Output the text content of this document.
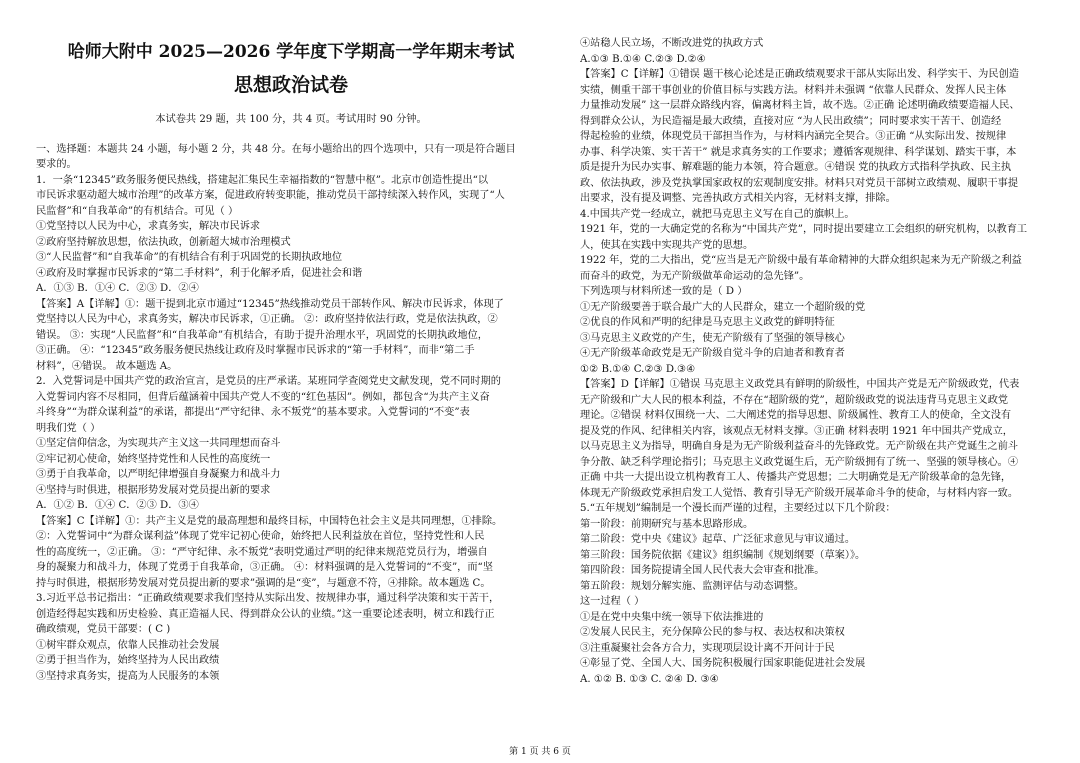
哈师大附中 2025—2026 学年度下学期高一学年期末考试
思想政治试卷
本试卷共 29 题，共 100 分，共 4 页。考试用时 90 分钟。
一、选择题：本题共 24 小题，每小题 2 分，共 48 分。在每小题给出的四个选项中，只有一项是符合题目
要求的。
1．一条“12345”政务服务便民热线，搭建起汇集民生幸福指数的“智慧中枢”。北京市创造性提出“以
市民诉求驱动超大城市治理”的改革方案，促进政府转变职能，推动党员干部持续深入转作风，实现了“人
民监督”和“自我革命”的有机结合。可见（ ）
①党坚持以人民为中心，求真务实，解决市民诉求
②政府坚持解放思想，依法执政，创新超大城市治理模式
③“人民监督”和“自我革命”的有机结合有利于巩固党的长期执政地位
④政府及时掌握市民诉求的“第二手材料”，利于化解矛盾，促进社会和谐
A．①③ B．①④ C．②③ D．②④
【答案】A【详解】①：题干提到北京市通过“12345”热线推动党员干部转作风、解决市民诉求，体现了
党坚持以人民为中心，求真务实，解决市民诉求，①正确。 ②：政府坚持依法行政，党是依法执政，②
错误。 ③：实现“人民监督”和“自我革命”有机结合，有助于提升治理水平，巩固党的长期执政地位，
③正确。 ④：“12345”政务服务便民热线让政府及时掌握市民诉求的“第一手材料”，而非“第二手
材料”，④错误。 故本题选 A。
2．入党誓词是中国共产党的政治宣言，是党员的庄严承诺。某班同学查阅党史文献发现，党不同时期的
入党誓词内容不尽相同，但背后蕴涵着中国共产党人不变的“红色基因”。例如，都包含“为共产主义奋
斗终身”“为群众谋利益”的承诺，都提出“严守纪律、永不叛党”的基本要求。入党誓词的“不变”表
明我们党（ ）
①坚定信仰信念，为实现共产主义这一共同理想而奋斗
②牢记初心使命，始终坚持党性和人民性的高度统一
③勇于自我革命，以严明纪律增强自身凝聚力和战斗力
④坚持与时俱进，根据形势发展对党员提出新的要求
A．①② B．①④ C．②③ D．③④
【答案】C【详解】①：共产主义是党的最高理想和最终目标，中国特色社会主义是共同理想，①排除。
②：入党誓词中“为群众谋利益”体现了党牢记初心使命，始终把人民利益放在首位，坚持党性和人民
性的高度统一，②正确。 ③：“严守纪律、永不叛党”表明党通过严明的纪律来规范党员行为，增强自
身的凝聚力和战斗力，体现了党勇于自我革命，③正确。 ④：材料强调的是入党誓词的“不变”，而“坚
持与时俱进，根据形势发展对党员提出新的要求”强调的是“变”，与题意不符，④排除。故本题选 C。
3.习近平总书记指出：“正确政绩观要求我们坚持从实际出发、按规律办事，通过科学决策和实干苦干，
创造经得起实践和历史检验、真正造福人民、得到群众公认的业绩。”这一重要论述表明，树立和践行正
确政绩观，党员干部要：( C )
①树牢群众观点，依靠人民推动社会发展
②勇于担当作为，始终坚持为人民出政绩
③坚持求真务实，提高为人民服务的本领
④站稳人民立场，不断改进党的执政方式
A.①③ B.①④ C.②③ D.②④
【答案】C【详解】①错误 题干核心论述是正确政绩观要求干部从实际出发、科学实干、为民创造
实绩，侧重干部干事创业的价值目标与实践方法。材料并未强调 “依靠人民群众、发挥人民主体
力量推动发展” 这一层群众路线内容，偏离材料主旨，故不选。②正确 论述明确政绩要造福人民、
得到群众公认，为民造福是最大政绩，直接对应 “为人民出政绩”；同时要求实干苦干、创造经
得起检验的业绩，体现党员干部担当作为，与材料内涵完全契合。③正确 “从实际出发、按规律
办事、科学决策、实干苦干” 就是求真务实的工作要求；遵循客观规律、科学谋划、踏实干事，本
质是提升为民办实事、解难题的能力本领，符合题意。④错误 党的执政方式指科学执政、民主执
政、依法执政，涉及党执掌国家政权的宏观制度安排。材料只对党员干部树立政绩观、履职干事提
出要求，没有提及调整、完善执政方式相关内容，无材料支撑，排除。
4.中国共产党一经成立，就把马克思主义写在自己的旗帜上。
1921 年，党的一大确定党的名称为“中国共产党”，同时提出要建立工会组织的研究机构，以教育工
人，使其在实践中实现共产党的思想。
1922 年，党的二大指出，党“应当是无产阶级中最有革命精神的大群众组织起来为无产阶级之利益
而奋斗的政党，为无产阶级做革命运动的急先锋”。
下列选项与材料所述一致的是（ D ）
①无产阶级要善于联合最广大的人民群众，建立一个超阶级的党
②优良的作风和严明的纪律是马克思主义政党的鲜明特征
③马克思主义政党的产生，使无产阶级有了坚强的领导核心
④无产阶级革命政党是无产阶级自觉斗争的启迪者和教育者
①② B.①④ C.②③ D.③④
【答案】D【详解】①错误 马克思主义政党具有鲜明的阶级性，中国共产党是无产阶级政党，代表
无产阶级和广大人民的根本利益，不存在“超阶级的党”，超阶级政党的说法违背马克思主义政党
理论。②错误 材料仅围绕一大、二大阐述党的指导思想、阶级属性、教育工人的使命，全文没有
提及党的作风、纪律相关内容，该观点无材料支撑。③正确 材料表明 1921 年中国共产党成立，
以马克思主义为指导，明确自身是为无产阶级利益奋斗的先锋政党。无产阶级在共产党诞生之前斗
争分散、缺乏科学理论指引；马克思主义政党诞生后，无产阶级拥有了统一、坚强的领导核心。④
正确 中共一大提出设立机构教育工人、传播共产党思想；二大明确党是无产阶级革命的急先锋，
体现无产阶级政党承担启发工人觉悟、教育引导无产阶级开展革命斗争的使命，与材料内容一致。
5.“五年规划”编制是一个漫长而严谨的过程，主要经过以下几个阶段：
第一阶段：前期研究与基本思路形成。
第二阶段：党中央《建议》起草、广泛征求意见与审议通过。
第三阶段：国务院依据《建议》组织编制《规划纲要（草案）》。
第四阶段：国务院提请全国人民代表大会审查和批准。
第五阶段：规划分解实施、监测评估与动态调整。
这一过程（ ）
①是在党中央集中统一领导下依法推进的
②发展人民民主，充分保障公民的参与权、表达权和决策权
③注重凝聚社会各方合力，实现项层设计离不开问计于民
④彰显了党、全国人大、国务院积极履行国家职能促进社会发展
A. ①② B. ①③ C. ②④ D. ③④
第 1 页 共 6 页
